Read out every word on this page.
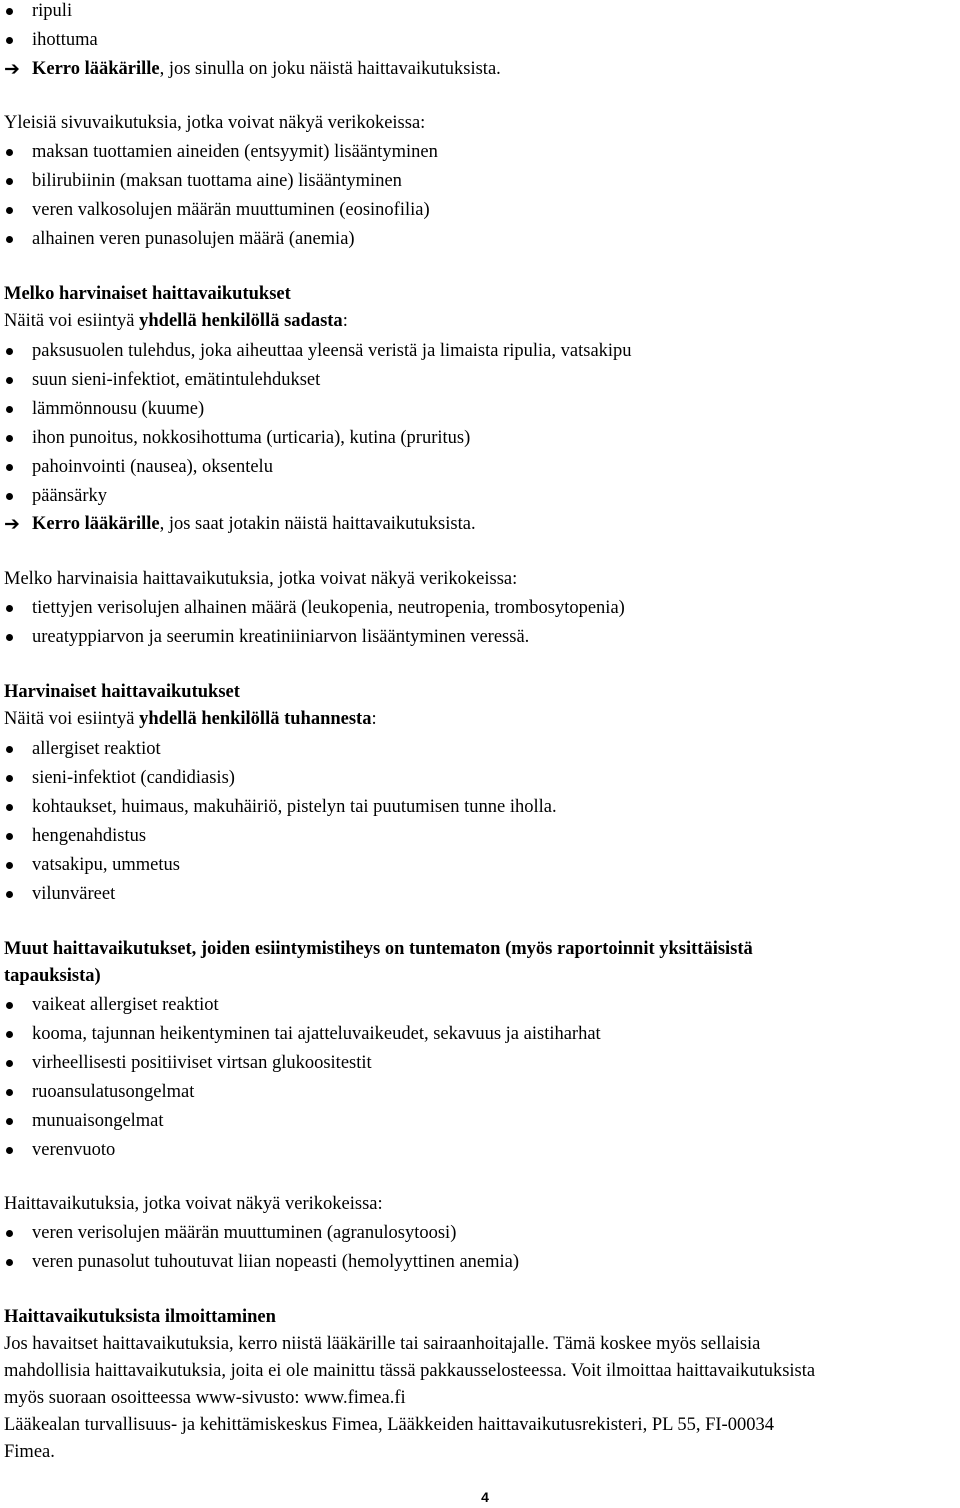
ripuli
ihottuma
➔ Kerro lääkärille, jos sinulla on joku näistä haittavaikutuksista.
Yleisiä sivuvaikutuksia, jotka voivat näkyä verikokeissa:
maksan tuottamien aineiden (entsyymit) lisääntyminen
bilirubiinin (maksan tuottama aine) lisääntyminen
veren valkosolujen määrän muuttuminen (eosinofilia)
alhainen veren punasolujen määrä (anemia)
Melko harvinaiset haittavaikutukset
Näitä voi esiintyä yhdellä henkilöllä sadasta:
paksusuolen tulehdus, joka aiheuttaa yleensä veristä ja limaista ripulia, vatsakipu
suun sieni-infektiot, emätintulehdukset
lämmönnousu (kuume)
ihon punoitus, nokkosihottuma (urticaria), kutina (pruritus)
pahoinvointi (nausea), oksentelu
päänsärky
➔ Kerro lääkärille, jos saat jotakin näistä haittavaikutuksista.
Melko harvinaisia haittavaikutuksia, jotka voivat näkyä verikokeissa:
tiettyjen verisolujen alhainen määrä (leukopenia, neutropenia, trombosytopenia)
ureatyppiarvon ja seerumin kreatiniiniarvon lisääntyminen veressä.
Harvinaiset haittavaikutukset
Näitä voi esiintyä yhdellä henkilöllä tuhannesta:
allergiset reaktiot
sieni-infektiot (candidiasis)
kohtaukset, huimaus, makuhäiriö, pistelyn tai puutumisen tunne iholla.
hengenahdistus
vatsakipu, ummetus
vilunväreet
Muut haittavaikutukset, joiden esiintymistiheys on tuntematon (myös raportoinnit yksittäisistä
tapauksista)
vaikeat allergiset reaktiot
kooma, tajunnan heikentyminen tai ajatteluvaikeudet, sekavuus ja aistiharhat
virheellisesti positiiviset virtsan glukoositestit
ruoansulatusongelmat
munuaisongelmat
verenvuoto
Haittavaikutuksia, jotka voivat näkyä verikokeissa:
veren verisolujen määrän muuttuminen (agranulosytoosi)
veren punasolut tuhoutuvat liian nopeasti (hemolyyttinen anemia)
Haittavaikutuksista ilmoittaminen
Jos havaitset haittavaikutuksia, kerro niistä lääkärille tai sairaanhoitajalle. Tämä koskee myös sellaisia
mahdollisia haittavaikutuksia, joita ei ole mainittu tässä pakkausselosteessa. Voit ilmoittaa haittavaikutuksista
myös suoraan osoitteessa www-sivusto: www.fimea.fi
Lääkealan turvallisuus- ja kehittämiskeskus Fimea, Lääkkeiden haittavaikutusrekisteri, PL 55, FI-00034
Fimea.
4
